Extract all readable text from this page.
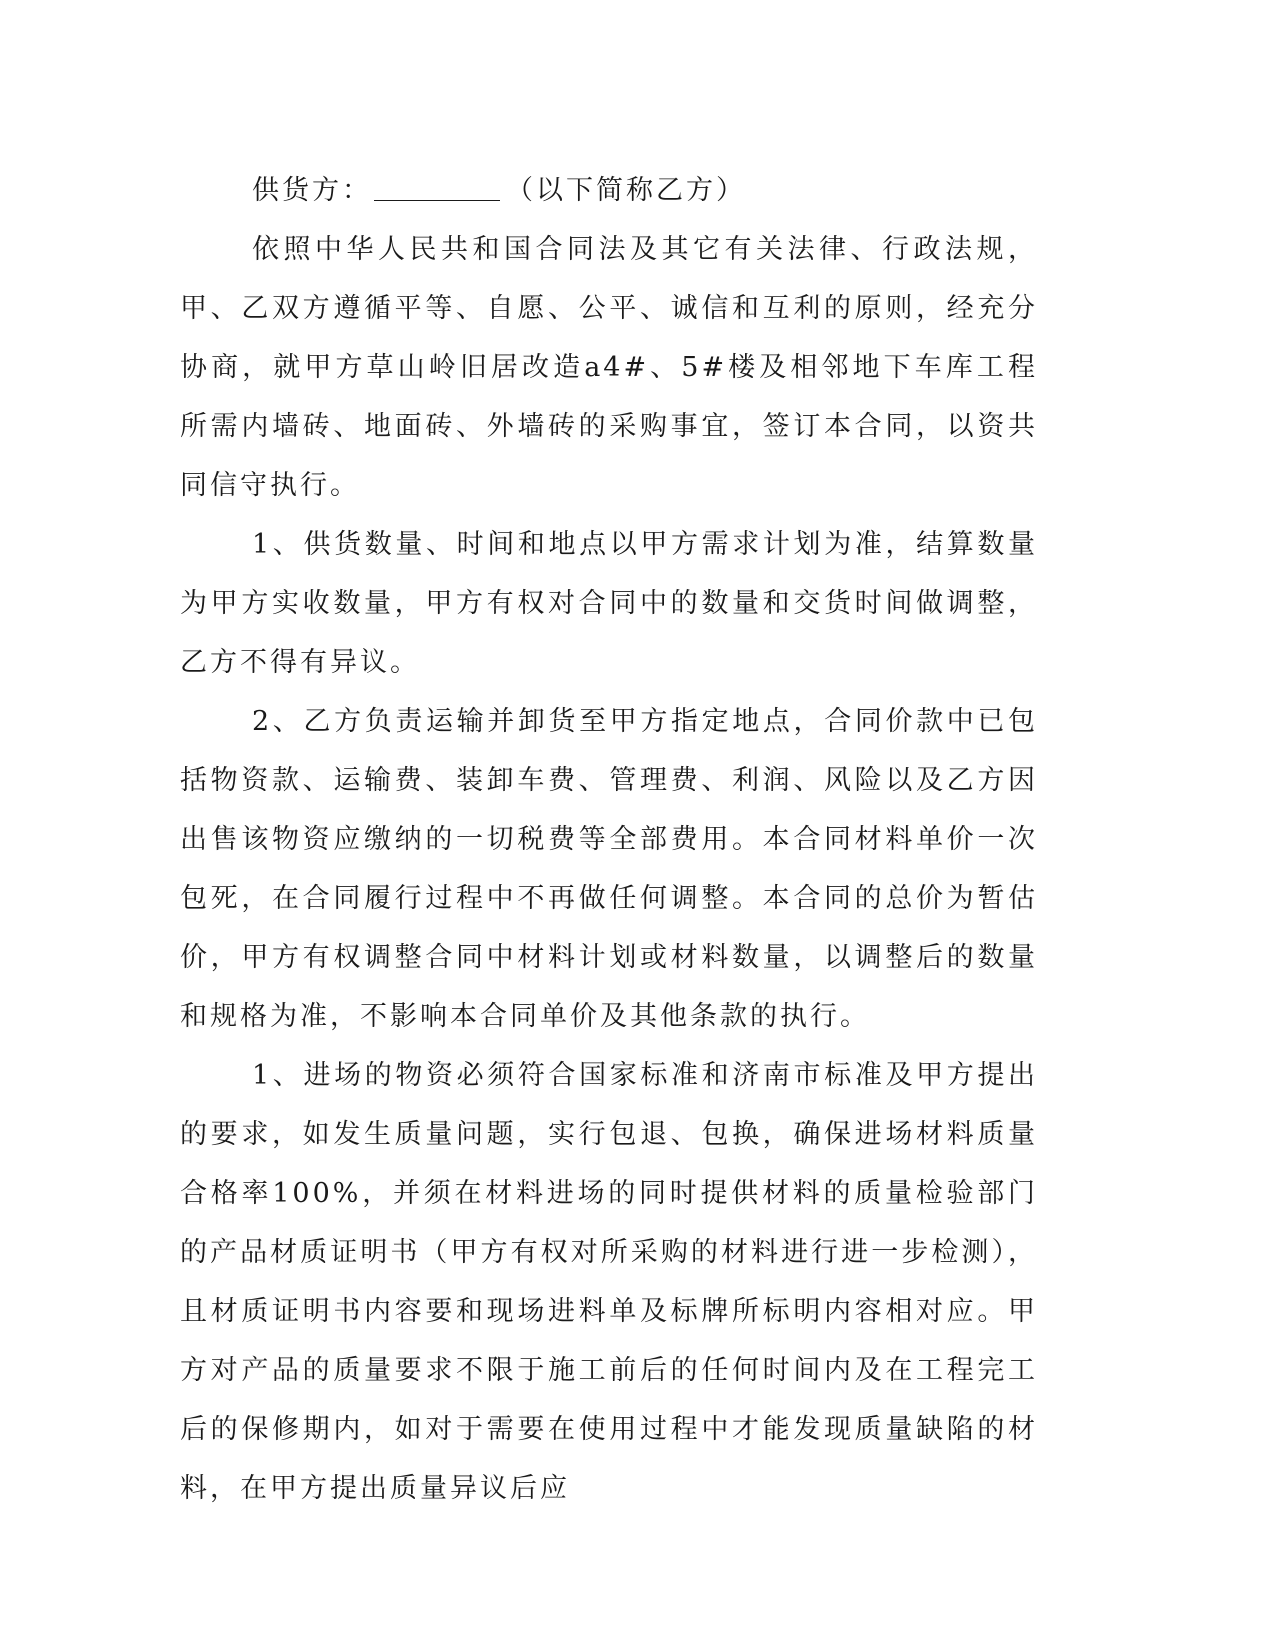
供货方：	（以下简称乙方）

依照中华人民共和国合同法及其它有关法律、行政法规，甲、乙双方遵循平等、自愿、公平、诚信和互利的原则，经充分协商，就甲方草山岭旧居改造a4#、5#楼及相邻地下车库工程所需内墙砖、地面砖、外墙砖的采购事宜，签订本合同，以资共同信守执行。

1、供货数量、时间和地点以甲方需求计划为准，结算数量为甲方实收数量，甲方有权对合同中的数量和交货时间做调整，乙方不得有异议。

2、乙方负责运输并卸货至甲方指定地点，合同价款中已包括物资款、运输费、装卸车费、管理费、利润、风险以及乙方因出售该物资应缴纳的一切税费等全部费用。本合同材料单价一次包死，在合同履行过程中不再做任何调整。本合同的总价为暂估价，甲方有权调整合同中材料计划或材料数量，以调整后的数量和规格为准，不影响本合同单价及其他条款的执行。

1、进场的物资必须符合国家标准和济南市标准及甲方提出的要求，如发生质量问题，实行包退、包换，确保进场材料质量合格率100%，并须在材料进场的同时提供材料的质量检验部门的产品材质证明书（甲方有权对所采购的材料进行进一步检测），且材质证明书内容要和现场进料单及标牌所标明内容相对应。甲方对产品的质量要求不限于施工前后的任何时间内及在工程完工后的保修期内，如对于需要在使用过程中才能发现质量缺陷的材料，在甲方提出质量异议后应
